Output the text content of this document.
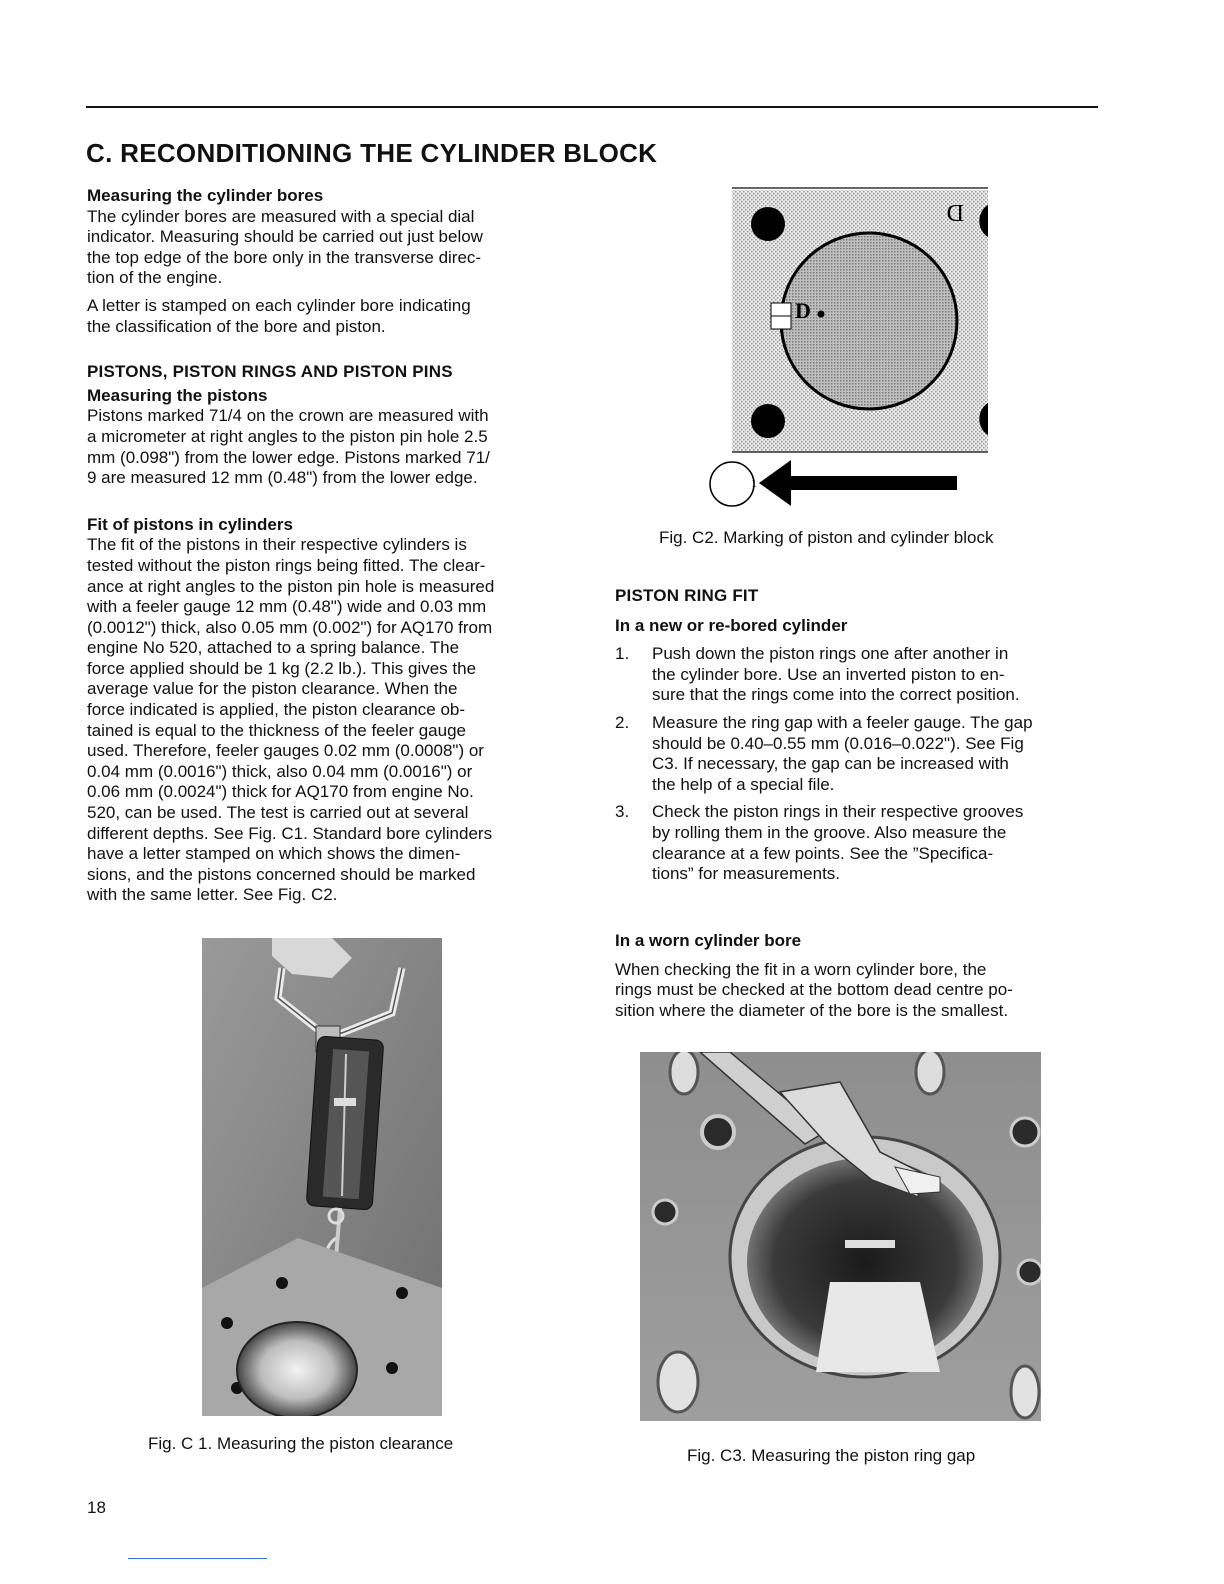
C. RECONDITIONING THE CYLINDER BLOCK

Measuring the cylinder bores

The cylinder bores are measured with a special dial
indicator. Measuring should be carried out just below
the top edge of the bore only in the transverse direc-
tion of the engine.

A letter is stamped on each cylinder bore indicating
the classification of the bore and piston.

PISTONS, PISTON RINGS AND PISTON PINS

Measuring the pistons

Pistons marked 71/4 on the crown are measured with
a micrometer at right angles to the piston pin hole 2.5
mm (0.098") from the lower edge. Pistons marked 71/
9 are measured 12 mm (0.48") from the lower edge.

Fit of pistons in cylinders

The fit of the pistons in their respective cylinders is
tested without the piston rings being fitted. The clear-
ance at right angles to the piston pin hole is measured
with a feeler gauge 12 mm (0.48") wide and 0.03 mm
(0.0012") thick, also 0.05 mm (0.002") for AQ170 from
engine No 520, attached to a spring balance. The
force applied should be 1 kg (2.2 lb.). This gives the
average value for the piston clearance. When the
force indicated is applied, the piston clearance ob-
tained is equal to the thickness of the feeler gauge
used. Therefore, feeler gauges 0.02 mm (0.0008") or
0.04 mm (0.0016") thick, also 0.04 mm (0.0016") or
0.06 mm (0.0024") thick for AQ170 from engine No.
520, can be used. The test is carried out at several
different depths. See Fig. C1. Standard bore cylinders
have a letter stamped on which shows the dimen-
sions, and the pistons concerned should be marked
with the same letter. See Fig. C2.

Fig. C 1. Measuring the piston clearance
D
D
1
Fig. C2. Marking of piston and cylinder block

PISTON RING FIT

In a new or re-bored cylinder

1. Push down the piston rings one after another in
the cylinder bore. Use an inverted piston to en-
sure that the rings come into the correct position.
2. Measure the ring gap with a feeler gauge. The gap
should be 0.40–0.55 mm (0.016–0.022"). See Fig
C3. If necessary, the gap can be increased with
the help of a special file.
3. Check the piston rings in their respective grooves
by rolling them in the groove. Also measure the
clearance at a few points. See the ”Specifica-
tions” for measurements.

In a worn cylinder bore

When checking the fit in a worn cylinder bore, the
rings must be checked at the bottom dead centre po-
sition where the diameter of the bore is the smallest.

Fig. C3. Measuring the piston ring gap
18
